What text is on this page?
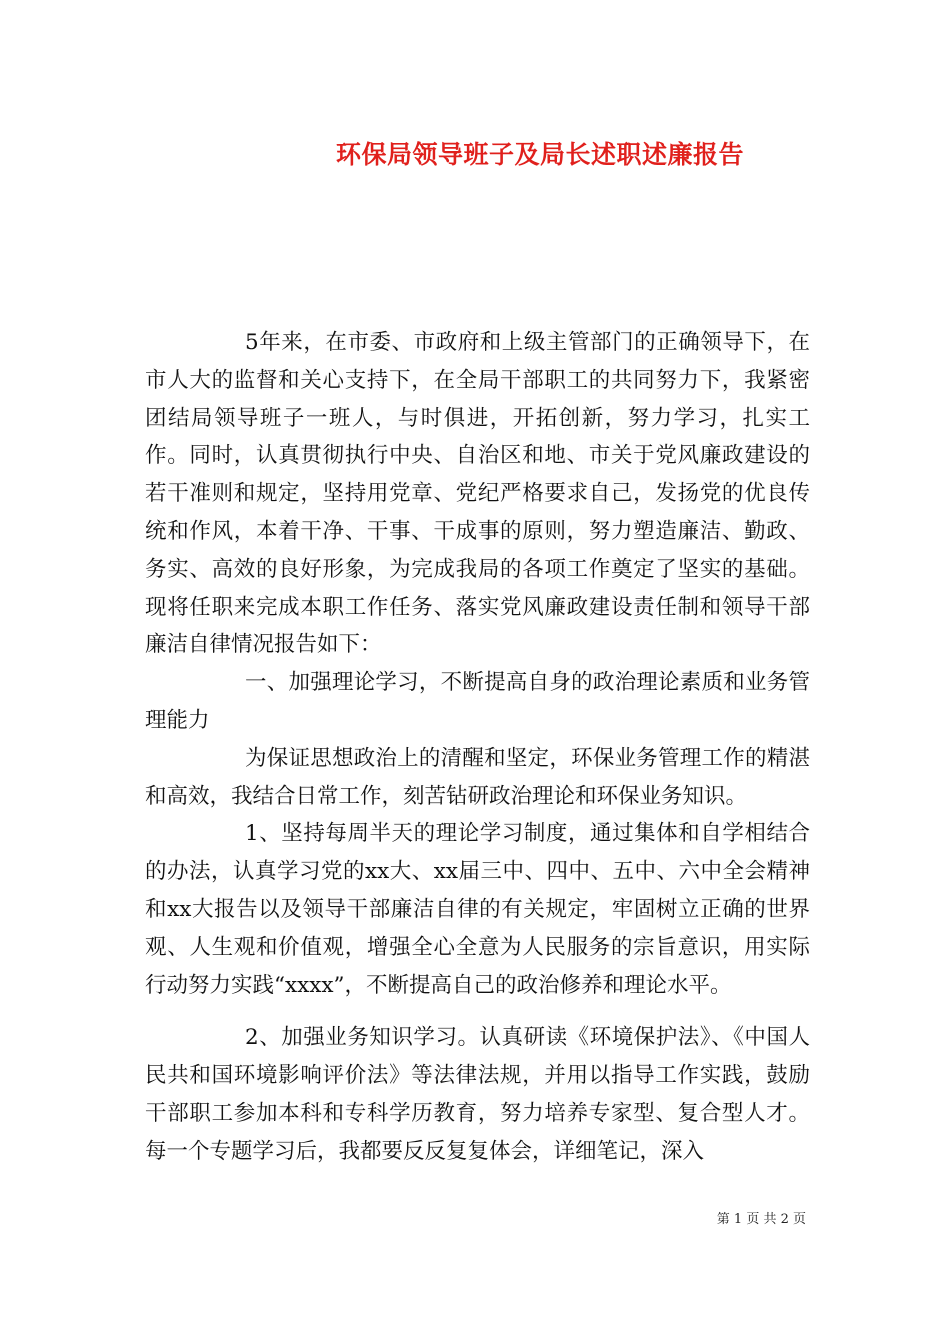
环保局领导班子及局长述职述廉报告

5年来，在市委、市政府和上级主管部门的正确领导下，在市人大的监督和关心支持下，在全局干部职工的共同努力下，我紧密团结局领导班子一班人，与时俱进，开拓创新，努力学习，扎实工作。同时，认真贯彻执行中央、自治区和地、市关于党风廉政建设的若干准则和规定，坚持用党章、党纪严格要求自己，发扬党的优良传统和作风，本着干净、干事、干成事的原则，努力塑造廉洁、勤政、务实、高效的良好形象，为完成我局的各项工作奠定了坚实的基础。现将任职来完成本职工作任务、落实党风廉政建设责任制和领导干部廉洁自律情况报告如下：

一、加强理论学习，不断提高自身的政治理论素质和业务管理能力

为保证思想政治上的清醒和坚定，环保业务管理工作的精湛和高效，我结合日常工作，刻苦钻研政治理论和环保业务知识。

1、坚持每周半天的理论学习制度，通过集体和自学相结合的办法，认真学习党的xx大、xx届三中、四中、五中、六中全会精神和xx大报告以及领导干部廉洁自律的有关规定，牢固树立正确的世界观、人生观和价值观，增强全心全意为人民服务的宗旨意识，用实际行动努力实践“xxxx”，不断提高自己的政治修养和理论水平。

2、加强业务知识学习。认真研读《环境保护法》、《中国人民共和国环境影响评价法》等法律法规，并用以指导工作实践，鼓励干部职工参加本科和专科学历教育，努力培养专家型、复合型人才。每一个专题学习后，我都要反反复复体会，详细笔记，深入

第 1 页 共 2 页
